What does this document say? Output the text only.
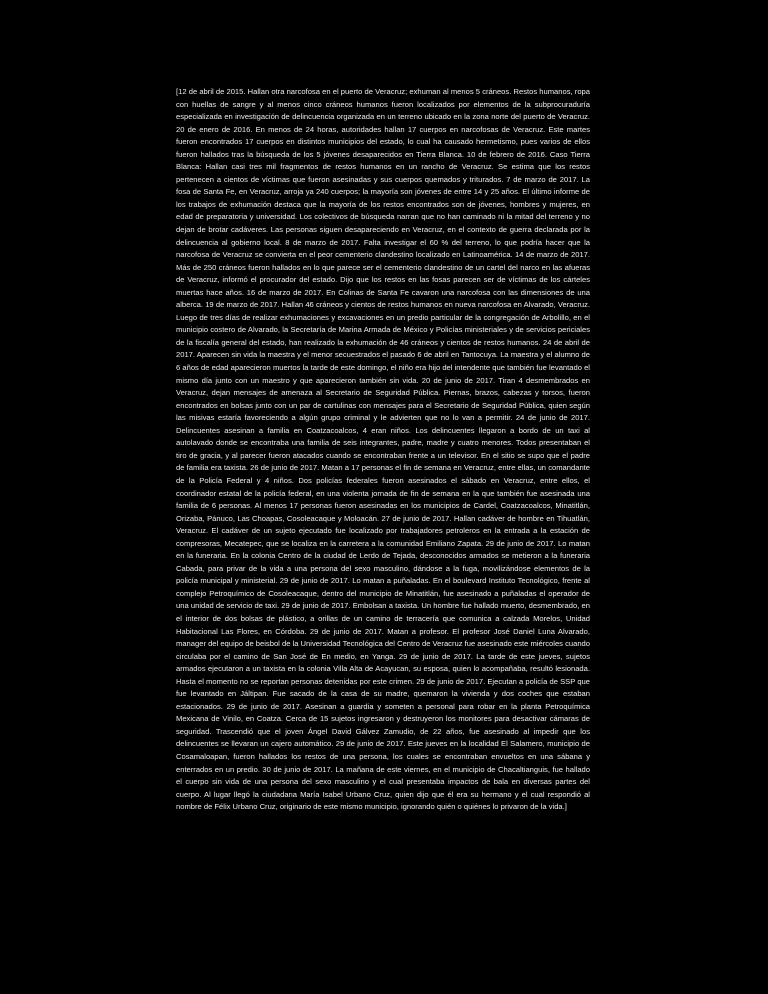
[12 de abril de 2015. Hallan otra narcofosa en el puerto de Veracruz; exhuman al menos 5 cráneos. Restos humanos, ropa con huellas de sangre y al menos cinco cráneos humanos fueron localizados por elementos de la subprocuraduría especializada en investigación de delincuencia organizada en un terreno ubicado en la zona norte del puerto de Veracruz. 20 de enero de 2016. En menos de 24 horas, autoridades hallan 17 cuerpos en narcofosas de Veracruz. Este martes fueron encontrados 17 cuerpos en distintos municipios del estado, lo cual ha causado hermetismo, pues varios de ellos fueron hallados tras la búsqueda de los 5 jóvenes desaparecidos en Tierra Blanca. 10 de febrero de 2016. Caso Tierra Blanca: Hallan casi tres mil fragmentos de restos humanos en un rancho de Veracruz. Se estima que los restos pertenecen a cientos de víctimas que fueron asesinadas y sus cuerpos quemados y triturados. 7 de marzo de 2017. La fosa de Santa Fe, en Veracruz, arroja ya 240 cuerpos; la mayoría son jóvenes de entre 14 y 25 años. El último informe de los trabajos de exhumación destaca que la mayoría de los restos encontrados son de jóvenes, hombres y mujeres, en edad de preparatoria y universidad. Los colectivos de búsqueda narran que no han caminado ni la mitad del terreno y no dejan de brotar cadáveres. Las personas siguen desapareciendo en Veracruz, en el contexto de guerra declarada por la delincuencia al gobierno local. 8 de marzo de 2017. Falta investigar el 60 % del terreno, lo que podría hacer que la narcofosa de Veracruz se convierta en el peor cementerio clandestino localizado en Latinoamérica. 14 de marzo de 2017. Más de 250 cráneos fueron hallados en lo que parece ser el cementerio clandestino de un cartel del narco en las afueras de Veracruz, informó el procurador del estado. Dijo que los restos en las fosas parecen ser de víctimas de los cárteles muertas hace años. 16 de marzo de 2017. En Colinas de Santa Fe cavaron una narcofosa con las dimensiones de una alberca. 19 de marzo de 2017. Hallan 46 cráneos y cientos de restos humanos en nueva narcofosa en Alvarado, Veracruz. Luego de tres días de realizar exhumaciones y excavaciones en un predio particular de la congregación de Arbolillo, en el municipio costero de Alvarado, la Secretaría de Marina Armada de México y Policías ministeriales y de servicios periciales de la fiscalía general del estado, han realizado la exhumación de 46 cráneos y cientos de restos humanos. 24 de abril de 2017. Aparecen sin vida la maestra y el menor secuestrados el pasado 6 de abril en Tantocuya. La maestra y el alumno de 6 años de edad aparecieron muertos la tarde de este domingo, el niño era hijo del intendente que también fue levantado el mismo día junto con un maestro y que aparecieron también sin vida. 20 de junio de 2017. Tiran 4 desmembrados en Veracruz, dejan mensajes de amenaza al Secretario de Seguridad Pública. Piernas, brazos, cabezas y torsos, fueron encontrados en bolsas junto con un par de cartulinas con mensajes para el Secretario de Seguridad Pública, quien según las misivas estaría favoreciendo a algún grupo criminal y le advierten que no lo van a permitir. 24 de junio de 2017. Delincuentes asesinan a familia en Coatzacoalcos, 4 eran niños. Los delincuentes llegaron a bordo de un taxi al autolavado donde se encontraba una familia de seis integrantes, padre, madre y cuatro menores. Todos presentaban el tiro de gracia, y al parecer fueron atacados cuando se encontraban frente a un televisor. En el sitio se supo que el padre de familia era taxista. 26 de junio de 2017. Matan a 17 personas el fin de semana en Veracruz, entre ellas, un comandante de la Policía Federal y 4 niños. Dos policías federales fueron asesinados el sábado en Veracruz, entre ellos, el coordinador estatal de la policía federal, en una violenta jornada de fin de semana en la que también fue asesinada una familia de 6 personas. Al menos 17 personas fueron asesinadas en los municipios de Cardel, Coatzacoalcos, Minatitlán, Orizaba, Pánuco, Las Choapas, Cosoleacaque y Moloacán. 27 de junio de 2017. Hallan cadáver de hombre en Tihuatlán, Veracruz. El cadáver de un sujeto ejecutado fue localizado por trabajadores petroleros en la entrada a la estación de compresoras, Mecatepec, que se localiza en la carretera a la comunidad Emiliano Zapata. 29 de junio de 2017. Lo matan en la funeraria. En la colonia Centro de la ciudad de Lerdo de Tejada, desconocidos armados se metieron a la funeraria Cabada, para privar de la vida a una persona del sexo masculino, dándose a la fuga, movilizándose elementos de la policía municipal y ministerial. 29 de junio de 2017. Lo matan a puñaladas. En el boulevard Instituto Tecnológico, frente al complejo Petroquímico de Cosoleacaque, dentro del municipio de Minatitlán, fue asesinado a puñaladas el operador de una unidad de servicio de taxi. 29 de junio de 2017. Embolsan a taxista. Un hombre fue hallado muerto, desmembrado, en el interior de dos bolsas de plástico, a orillas de un camino de terracería que comunica a calzada Morelos, Unidad Habitacional Las Flores, en Córdoba. 29 de junio de 2017. Matan a profesor. El profesor José Daniel Luna Alvarado, manager del equipo de beisbol de la Universidad Tecnológica del Centro de Veracruz fue asesinado este miércoles cuando circulaba por el camino de San José de En medio, en Yanga. 29 de junio de 2017. La tarde de este jueves, sujetos armados ejecutaron a un taxista en la colonia Villa Alta de Acayucan, su esposa, quien lo acompañaba, resultó lesionada. Hasta el momento no se reportan personas detenidas por este crimen. 29 de junio de 2017. Ejecutan a policía de SSP que fue levantado en Jáltipan. Fue sacado de la casa de su madre, quemaron la vivienda y dos coches que estaban estacionados. 29 de junio de 2017. Asesinan a guardia y someten a personal para robar en la planta Petroquímica Mexicana de Vinilo, en Coatza. Cerca de 15 sujetos ingresaron y destruyeron los monitores para desactivar cámaras de seguridad. Trascendió que el joven Ángel David Gálvez Zamudio, de 22 años, fue asesinado al impedir que los delincuentes se llevaran un cajero automático. 29 de junio de 2017. Este jueves en la localidad El Salamero, municipio de Cosamaloapan, fueron hallados los restos de una persona, los cuales se encontraban envueltos en una sábana y enterrados en un predio. 30 de junio de 2017. La mañana de este viernes, en el municipio de Chacaltianguis, fue hallado el cuerpo sin vida de una persona del sexo masculino y el cual presentaba impactos de bala en diversas partes del cuerpo. Al lugar llegó la ciudadana María Isabel Urbano Cruz, quien dijo que él era su hermano y el cual respondió al nombre de Félix Urbano Cruz, originario de este mismo municipio, ignorando quién o quiénes lo privaron de la vida.]
